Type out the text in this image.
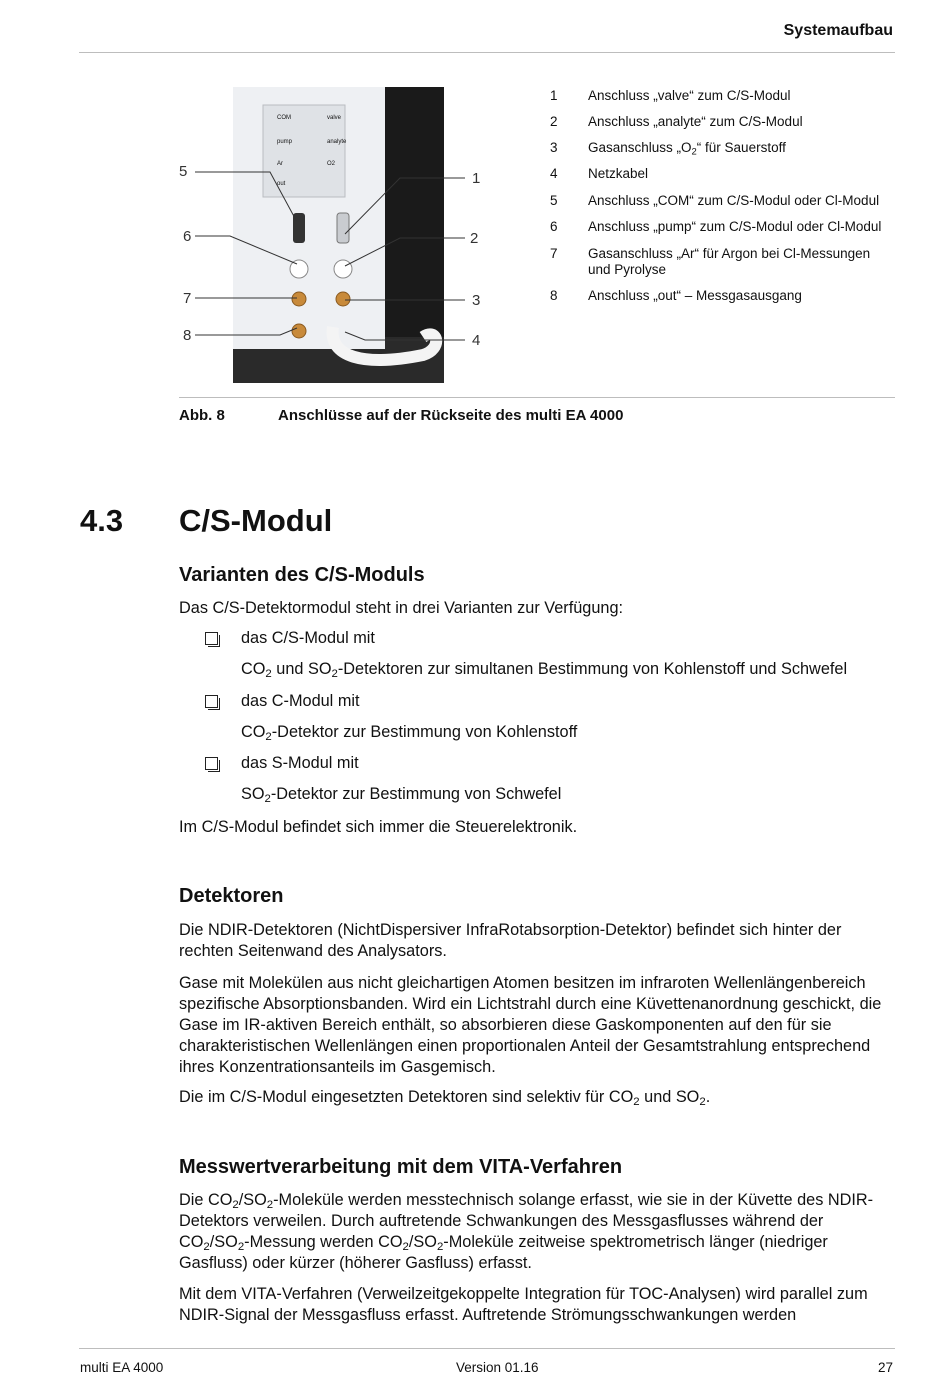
Systemaufbau
COM	valve
pump	analyte
Ar	O2
out
5
6
7
8
1
2
3
4
1 Anschluss „valve“ zum C/S-Modul
2 Anschluss „analyte“ zum C/S-Modul
3 Gasanschluss $„O_2“$ für Sauerstoff
4 Netzkabel
5 Anschluss „COM“ zum C/S-Modul oder Cl-Modul
6 Anschluss „pump“ zum C/S-Modul oder Cl-Modul
7 Gasanschluss „Ar“ für Argon bei Cl-Messungen und Pyrolyse
8 Anschluss „out“ – Messgasausgang
Abb. 8	Anschlüsse auf der Rückseite des multi EA 4000
4.3 C/S-Modul
Varianten des C/S-Moduls

Das C/S-Detektormodul steht in drei Varianten zur Verfügung:

das C/S-Modul mit
$CO_2$ und $SO_2$-Detektoren zur simultanen Bestimmung von Kohlenstoff und Schwefel
das C-Modul mit
$CO_2$-Detektor zur Bestimmung von Kohlenstoff
das S-Modul mit
$SO_2$-Detektor zur Bestimmung von Schwefel

Im C/S-Modul befindet sich immer die Steuerelektronik.

Detektoren

Die NDIR-Detektoren (NichtDispersiver InfraRotabsorption-Detektor) befindet sich hinter der rechten Seitenwand des Analysators.

Gase mit Molekülen aus nicht gleichartigen Atomen besitzen im infraroten Wellenlängenbereich spezifische Absorptionsbanden. Wird ein Lichtstrahl durch eine Küvettenanordnung geschickt, die Gase im IR-aktiven Bereich enthält, so absorbieren diese Gaskomponenten auf den für sie charakteristischen Wellenlängen einen proportionalen Anteil der Gesamtstrahlung entsprechend ihres Konzentrationsanteils im Gasgemisch.

Die im C/S-Modul eingesetzten Detektoren sind selektiv für $CO_2$ und $SO_2$.

Messwertverarbeitung mit dem VITA-Verfahren

Die $CO_2/SO_2$-Moleküle werden messtechnisch solange erfasst, wie sie in der Küvette des NDIR-Detektors verweilen. Durch auftretende Schwankungen des Messgasflusses während der $CO_2/SO_2$-Messung werden $CO_2/SO_2$-Moleküle zeitweise spektrometrisch länger (niedriger Gasfluss) oder kürzer (höherer Gasfluss) erfasst.

Mit dem VITA-Verfahren (Verweilzeitgekoppelte Integration für TOC-Analysen) wird parallel zum NDIR-Signal der Messgasfluss erfasst. Auftretende Strömungsschwankungen werden

multi EA 4000	Version 01.16	27
